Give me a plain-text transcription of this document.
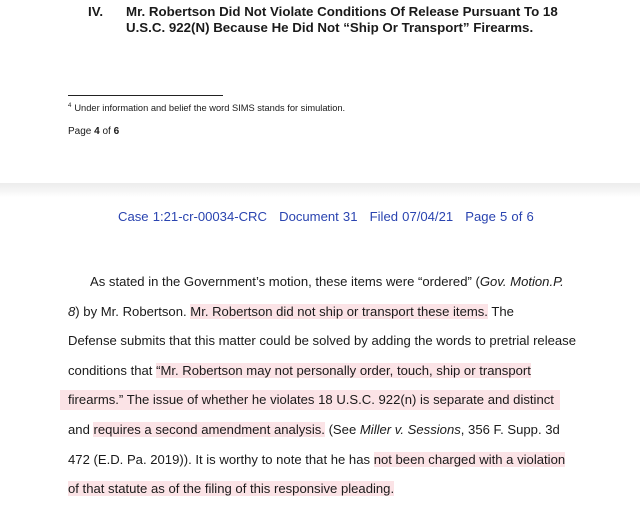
IV. Mr. Robertson Did Not Violate Conditions Of Release Pursuant To 18
U.S.C. 922(N) Because He Did Not “Ship Or Transport” Firearms.
$^4$ Under information and belief the word SIMS stands for simulation.
Page 4 of 6
Case 1:21-cr-00034-CRC Document 31 Filed 07/04/21 Page 5 of 6
As stated in the Government’s motion, these items were “ordered” (Gov. Motion.P.
8) by Mr. Robertson. Mr. Robertson did not ship or transport these items. The
Defense submits that this matter could be solved by adding the words to pretrial release
conditions that “Mr. Robertson may not personally order, touch, ship or transport
firearms.” The issue of whether he violates 18 U.S.C. 922(n) is separate and distinct
and requires a second amendment analysis. (See Miller v. Sessions, 356 F. Supp. 3d
472 (E.D. Pa. 2019)). It is worthy to note that he has not been charged with a violation
of that statute as of the filing of this responsive pleading.
